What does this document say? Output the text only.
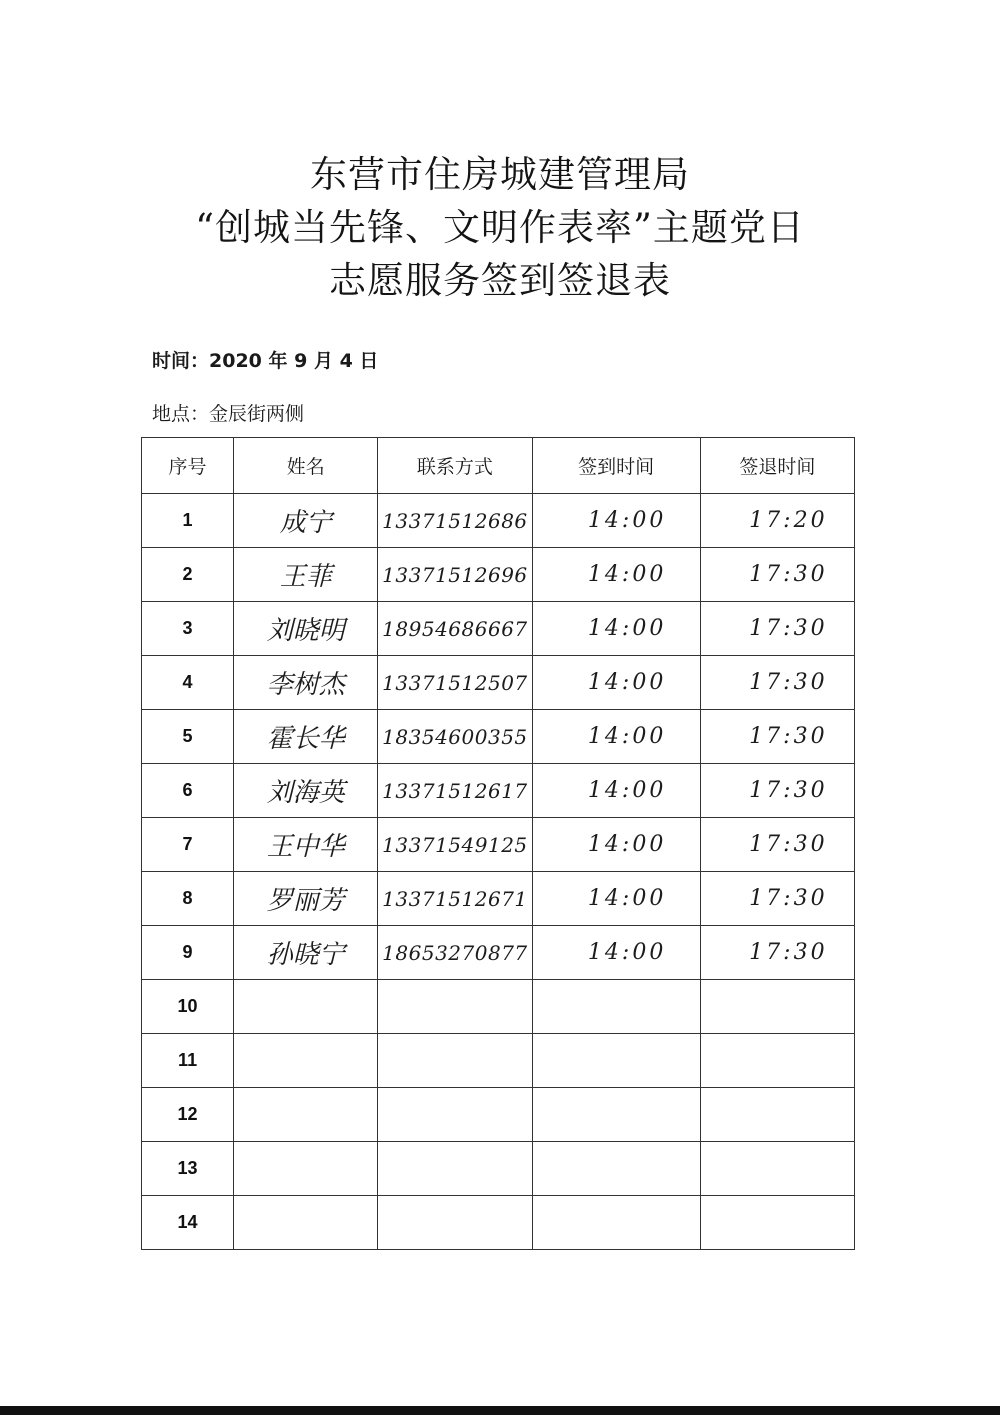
东营市住房城建管理局
“创城当先锋、文明作表率”主题党日
志愿服务签到签退表
时间：2020 年 9 月 4 日
地点：金辰街两侧
序号	姓名	联系方式	签到时间	签退时间
1	成宁	13371512686	14:00	17:20
2	王菲	13371512696	14:00	17:30
3	刘晓明	18954686667	14:00	17:30
4	李树杰	13371512507	14:00	17:30
5	霍长华	18354600355	14:00	17:30
6	刘海英	13371512617	14:00	17:30
7	王中华	13371549125	14:00	17:30
8	罗丽芳	13371512671	14:00	17:30
9	孙晓宁	18653270877	14:00	17:30
10				
11				
12				
13				
14				
